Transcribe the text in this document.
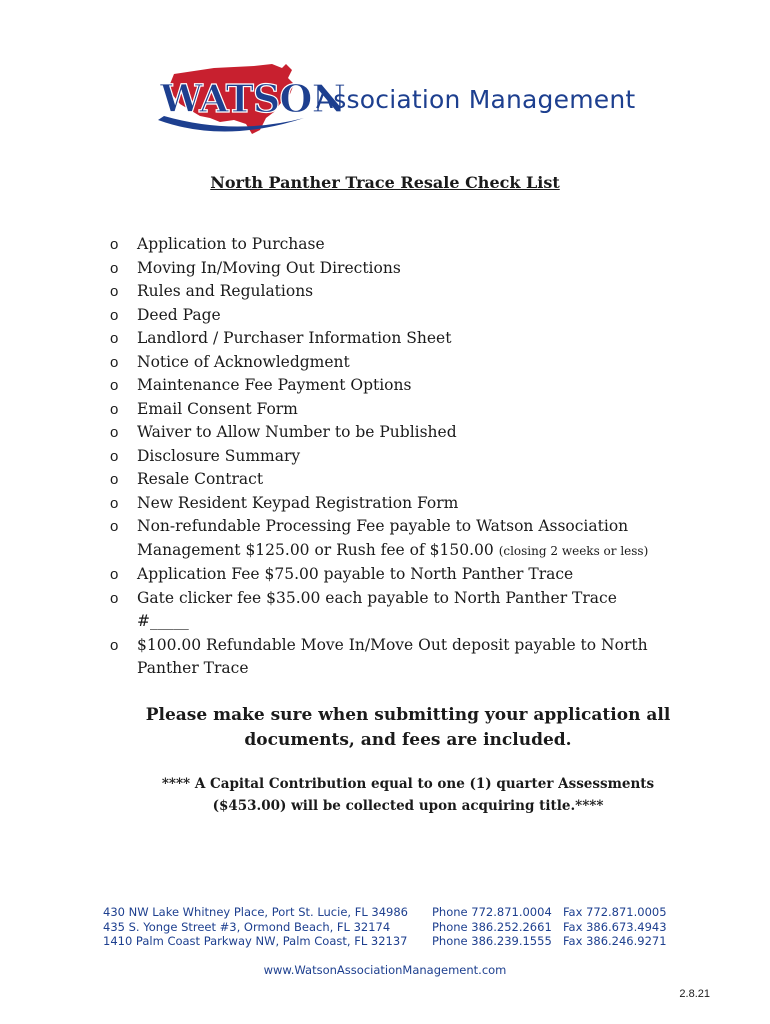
WATSON
Association Management
North Panther Trace Resale Check List
o Application to Purchase
o Moving In/Moving Out Directions
o Rules and Regulations
o Deed Page
o Landlord / Purchaser Information Sheet
o Notice of Acknowledgment
o Maintenance Fee Payment Options
o Email Consent Form
o Waiver to Allow Number to be Published
o Disclosure Summary
o Resale Contract
o New Resident Keypad Registration Form
o Non-refundable Processing Fee payable to Watson Association
Management $125.00 or Rush fee of $150.00 (closing 2 weeks or less)
o Application Fee $75.00 payable to North Panther Trace
o Gate clicker fee $35.00 each payable to North Panther Trace
#_____
o $100.00 Refundable Move In/Move Out deposit payable to North
Panther Trace
Please make sure when submitting your application all
documents, and fees are included.
**** A Capital Contribution equal to one (1) quarter Assessments
($453.00) will be collected upon acquiring title.****
430 NW Lake Whitney Place, Port St. Lucie, FL 34986
435 S. Yonge Street #3, Ormond Beach, FL 32174
1410 Palm Coast Parkway NW, Palm Coast, FL 32137
Phone 772.871.0004
Phone 386.252.2661
Phone 386.239.1555
Fax 772.871.0005
Fax 386.673.4943
Fax 386.246.9271
www.WatsonAssociationManagement.com
2.8.21
